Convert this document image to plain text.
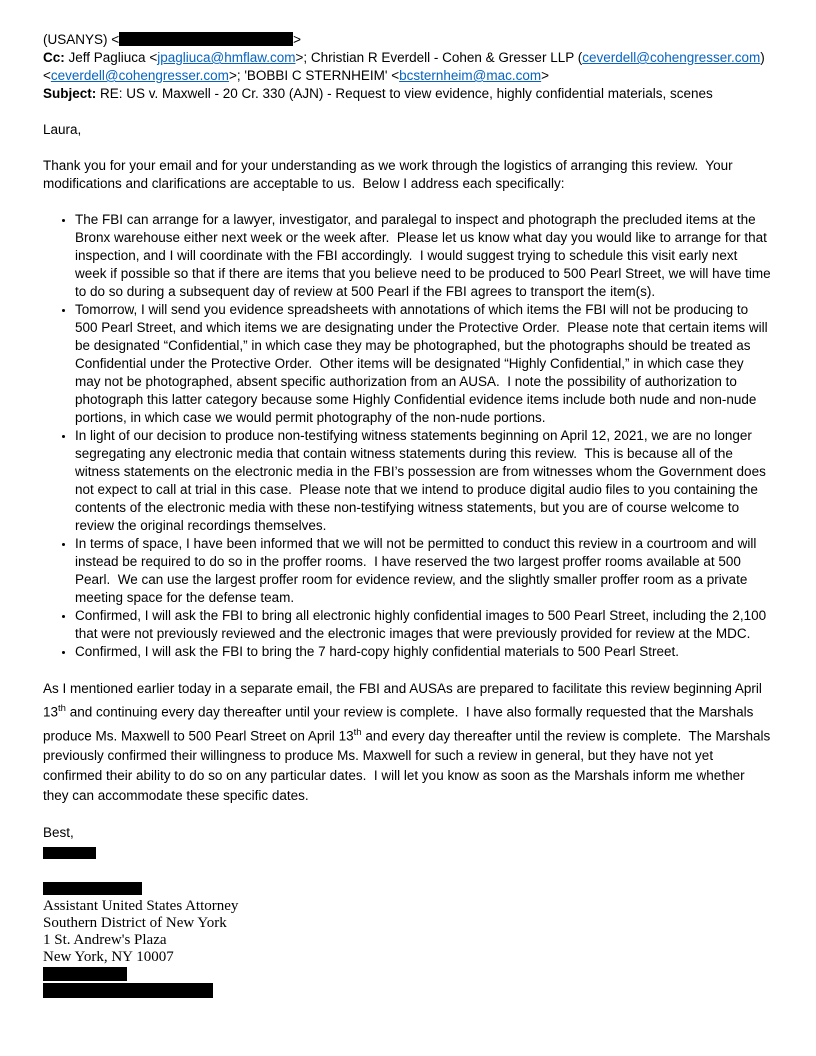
(USANYS) <	>

Cc: Jeff Pagliuca <jpagliuca@hmflaw.com>; Christian R Everdell - Cohen & Gresser LLP (ceverdell@cohengresser.com)
<ceverdell@cohengresser.com>; 'BOBBI C STERNHEIM' <bcsternheim@mac.com>

Subject: RE: US v. Maxwell - 20 Cr. 330 (AJN) - Request to view evidence, highly confidential materials, scenes

Laura,

Thank you for your email and for your understanding as we work through the logistics of arranging this review.  Your modifications and clarifications are acceptable to us.  Below I address each specifically:

• The FBI can arrange for a lawyer, investigator, and paralegal to inspect and photograph the precluded items at the Bronx warehouse either next week or the week after.  Please let us know what day you would like to arrange for that inspection, and I will coordinate with the FBI accordingly.  I would suggest trying to schedule this visit early next week if possible so that if there are items that you believe need to be produced to 500 Pearl Street, we will have time to do so during a subsequent day of review at 500 Pearl if the FBI agrees to transport the item(s).
• Tomorrow, I will send you evidence spreadsheets with annotations of which items the FBI will not be producing to 500 Pearl Street, and which items we are designating under the Protective Order.  Please note that certain items will be designated “Confidential,” in which case they may be photographed, but the photographs should be treated as Confidential under the Protective Order.  Other items will be designated “Highly Confidential,” in which case they may not be photographed, absent specific authorization from an AUSA.  I note the possibility of authorization to photograph this latter category because some Highly Confidential evidence items include both nude and non-nude portions, in which case we would permit photography of the non-nude portions.
• In light of our decision to produce non-testifying witness statements beginning on April 12, 2021, we are no longer segregating any electronic media that contain witness statements during this review.  This is because all of the witness statements on the electronic media in the FBI’s possession are from witnesses whom the Government does not expect to call at trial in this case.  Please note that we intend to produce digital audio files to you containing the contents of the electronic media with these non-testifying witness statements, but you are of course welcome to review the original recordings themselves.
• In terms of space, I have been informed that we will not be permitted to conduct this review in a courtroom and will instead be required to do so in the proffer rooms.  I have reserved the two largest proffer rooms available at 500 Pearl.  We can use the largest proffer room for evidence review, and the slightly smaller proffer room as a private meeting space for the defense team.
• Confirmed, I will ask the FBI to bring all electronic highly confidential images to 500 Pearl Street, including the 2,100 that were not previously reviewed and the electronic images that were previously provided for review at the MDC.
• Confirmed, I will ask the FBI to bring the 7 hard-copy highly confidential materials to 500 Pearl Street.

As I mentioned earlier today in a separate email, the FBI and AUSAs are prepared to facilitate this review beginning April 13th and continuing every day thereafter until your review is complete.  I have also formally requested that the Marshals produce Ms. Maxwell to 500 Pearl Street on April 13th and every day thereafter until the review is complete.  The Marshals previously confirmed their willingness to produce Ms. Maxwell for such a review in general, but they have not yet confirmed their ability to do so on any particular dates.  I will let you know as soon as the Marshals inform me whether they can accommodate these specific dates.

Best,

Assistant United States Attorney
Southern District of New York
1 St. Andrew's Plaza
New York, NY 10007
